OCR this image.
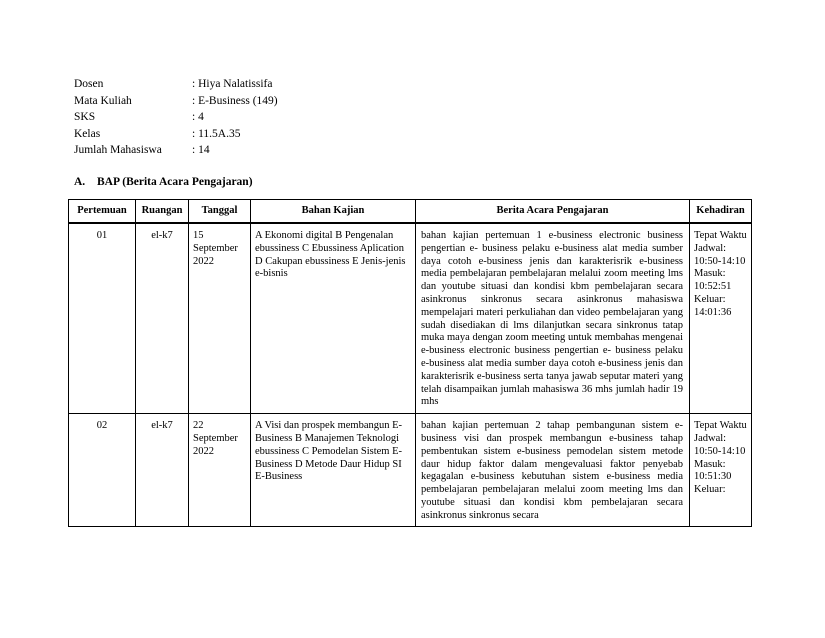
Dosen	: Hiya Nalatissifa
Mata Kuliah	: E-Business (149)
SKS	: 4
Kelas	: 11.5A.35
Jumlah Mahasiswa	: 14
A. BAP (Berita Acara Pengajaran)
Pertemuan	Ruangan	Tanggal	Bahan Kajian	Berita Acara Pengajaran	Kehadiran
01	el-k7	15 September 2022	A Ekonomi digital B Pengenalan ebussiness C Ebussiness Aplication D Cakupan ebussiness E Jenis-jenis e-bisnis	bahan kajian pertemuan 1 e-business electronic business pengertian e- business pelaku e-business alat media sumber daya cotoh e-business jenis dan karakterisrik e-business media pembelajaran pembelajaran melalui zoom meeting lms dan youtube situasi dan kondisi kbm pembelajaran secara asinkronus sinkronus secara asinkronus mahasiswa mempelajari materi perkuliahan dan video pembelajaran yang sudah disediakan di lms dilanjutkan secara sinkronus tatap muka maya dengan zoom meeting untuk membahas mengenai e-business electronic business pengertian e- business pelaku e-business alat media sumber daya cotoh e-business jenis dan karakterisrik e-business serta tanya jawab seputar materi yang telah disampaikan jumlah mahasiswa 36 mhs jumlah hadir 19 mhs	Tepat Waktu Jadwal: 10:50-14:10 Masuk: 10:52:51 Keluar: 14:01:36

02	el-k7	22 September 2022	A Visi dan prospek membangun E- Business B Manajemen Teknologi ebussiness C Pemodelan Sistem E- Business D Metode Daur Hidup SI E-Business	bahan kajian pertemuan 2 tahap pembangunan sistem e-business visi dan prospek membangun e-business tahap pembentukan sistem e-business pemodelan sistem metode daur hidup faktor dalam mengevaluasi faktor penyebab kegagalan e-business kebutuhan sistem e-business media pembelajaran pembelajaran melalui zoom meeting lms dan youtube situasi dan kondisi kbm pembelajaran secara asinkronus sinkronus secara	Tepat Waktu Jadwal: 10:50-14:10 Masuk: 10:51:30 Keluar:
